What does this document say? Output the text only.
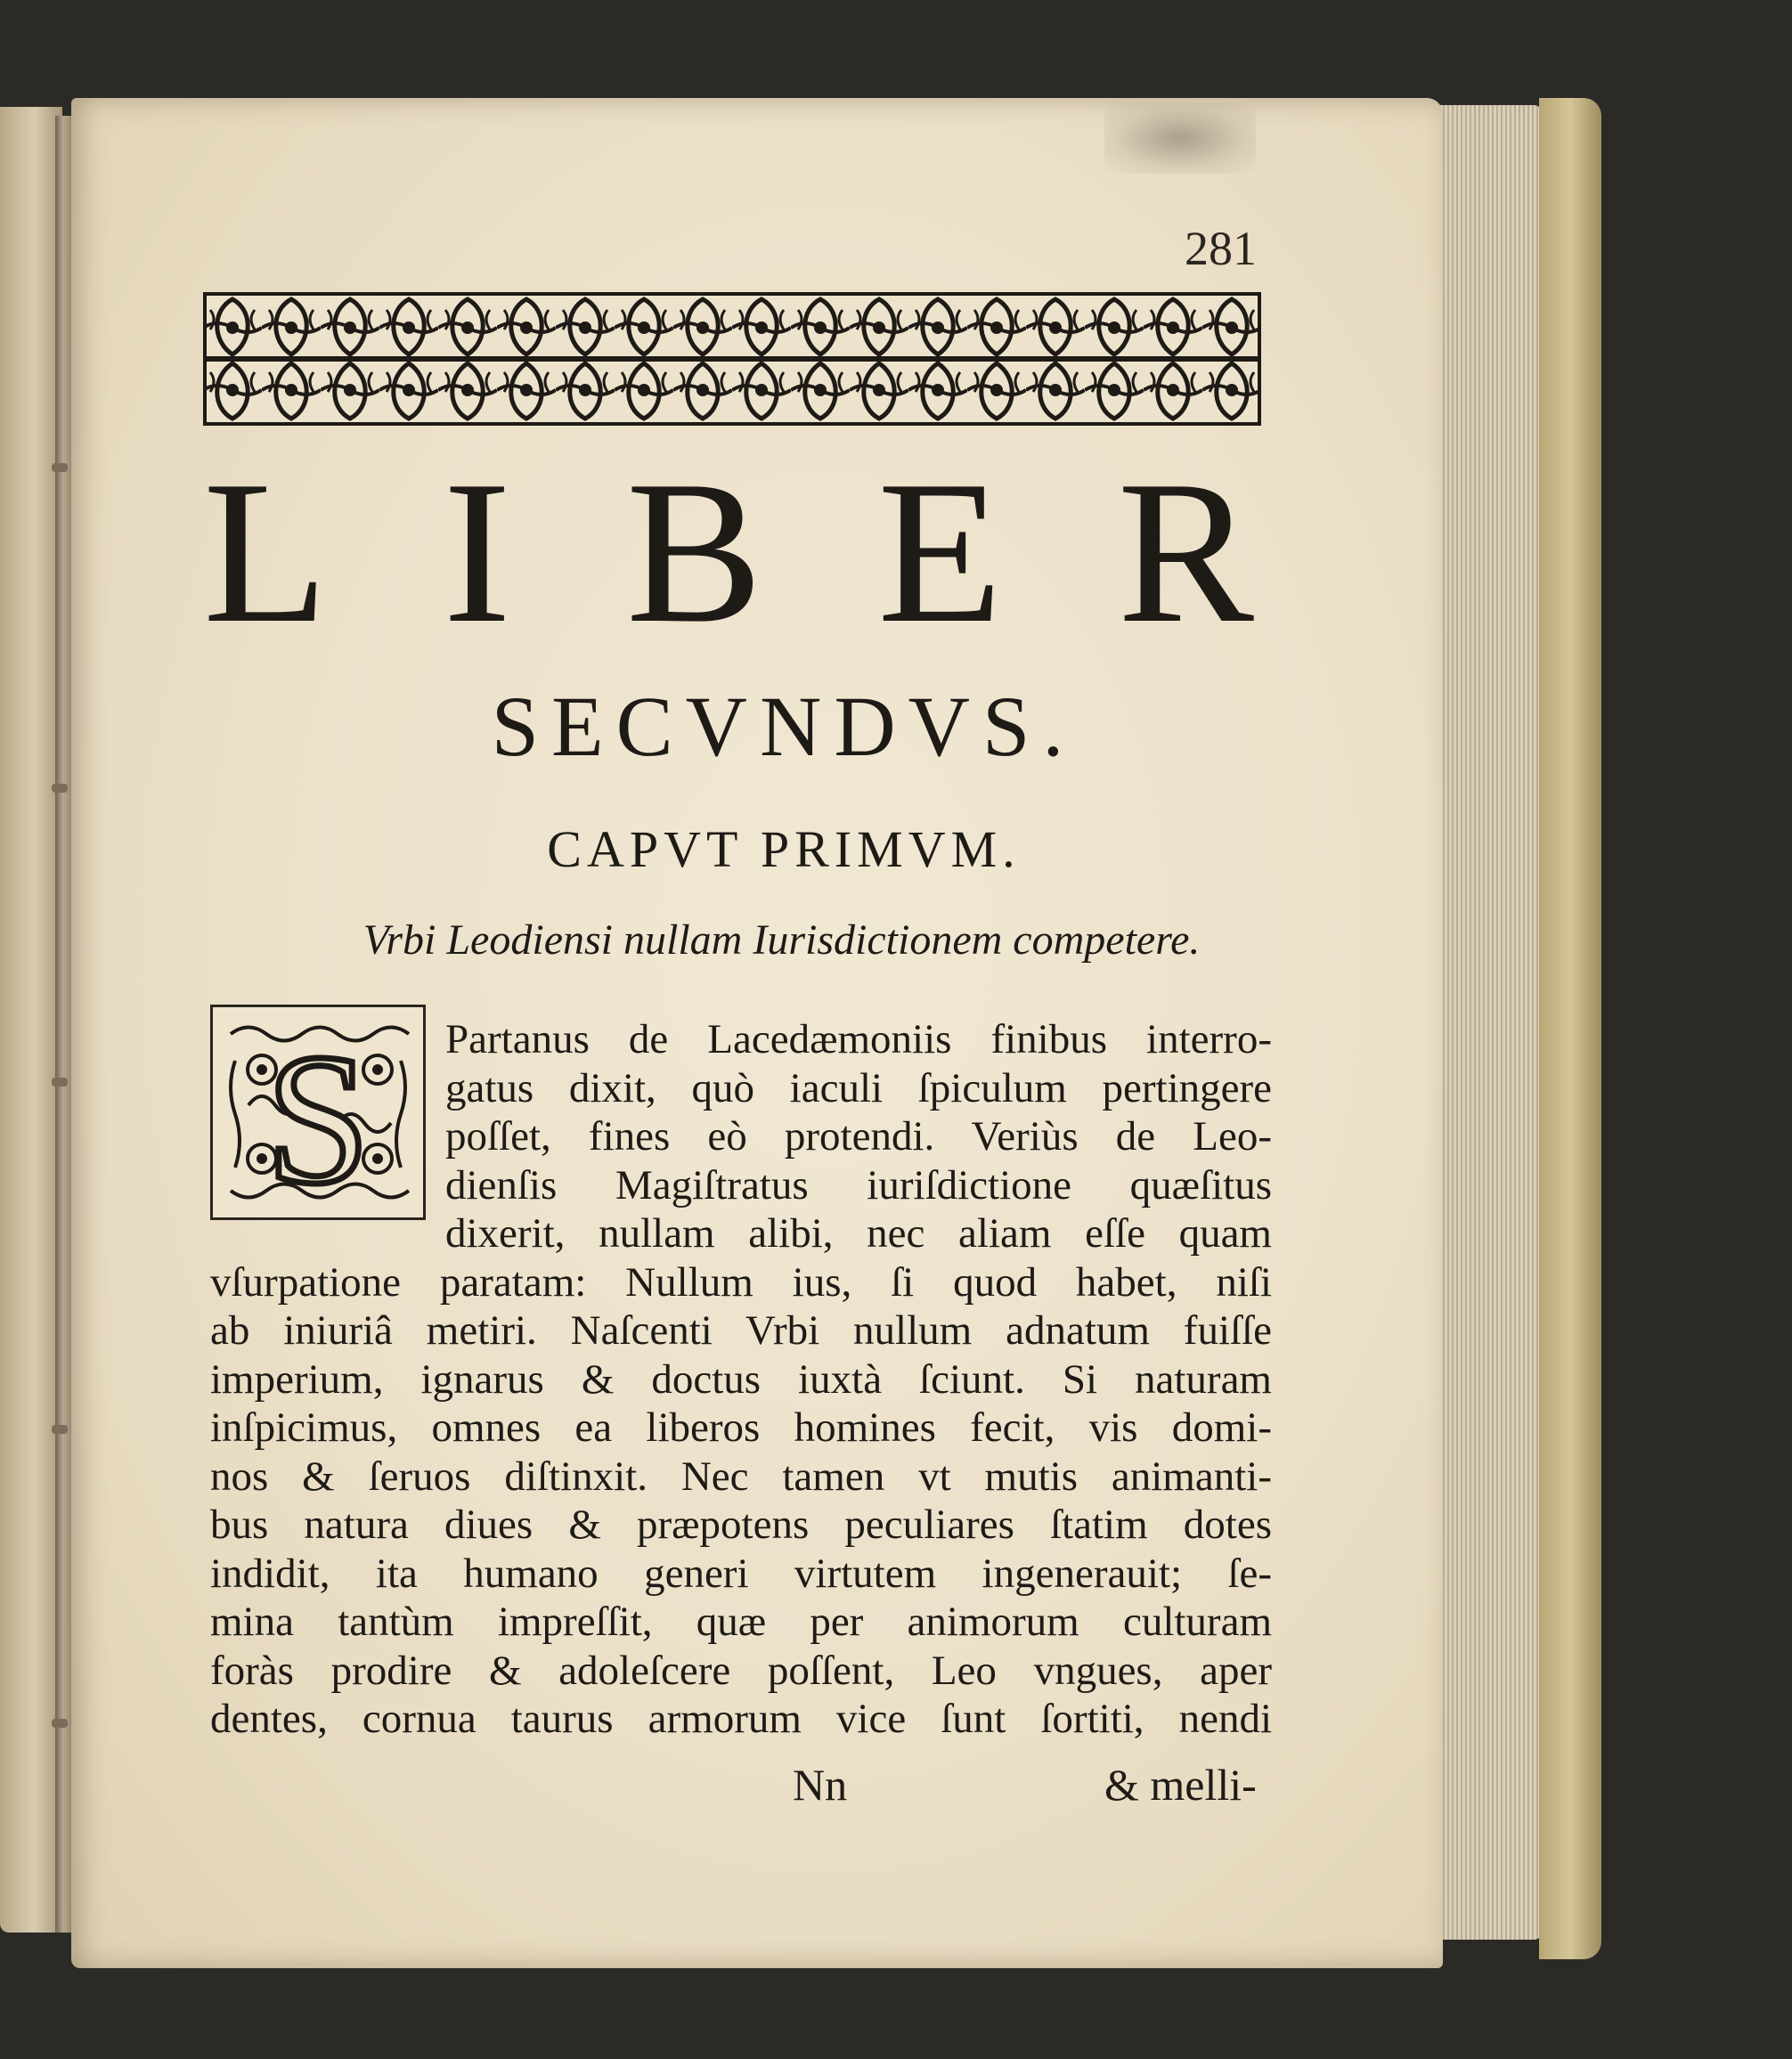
281
L I B E R
SECVNDVS.
CAPVT PRIMVM.
Vrbi Leodiensi nullam Iurisdictionem competere.
S Partanus de Lacedæmoniis finibus interro-
gatus dixit, quò iaculi ſpiculum pertingere
poſſet, fines eò protendi. Veriùs de Leo-
dienſis Magiſtratus iuriſdictione quæſitus
dixerit, nullam alibi, nec aliam eſſe quam
vſurpatione paratam: Nullum ius, ſi quod habet, niſi
ab iniuriâ metiri. Naſcenti Vrbi nullum adnatum fuiſſe
imperium, ignarus & doctus iuxtà ſciunt. Si naturam
inſpicimus, omnes ea liberos homines fecit, vis domi-
nos & ſeruos diſtinxit. Nec tamen vt mutis animanti-
bus natura diues & præpotens peculiares ſtatim dotes
indidit, ita humano generi virtutem ingenerauit; ſe-
mina tantùm impreſſit, quæ per animorum culturam
foràs prodire & adoleſcere poſſent, Leo vngues, aper
dentes, cornua taurus armorum vice ſunt ſortiti, nendi
Nn	& melli-
